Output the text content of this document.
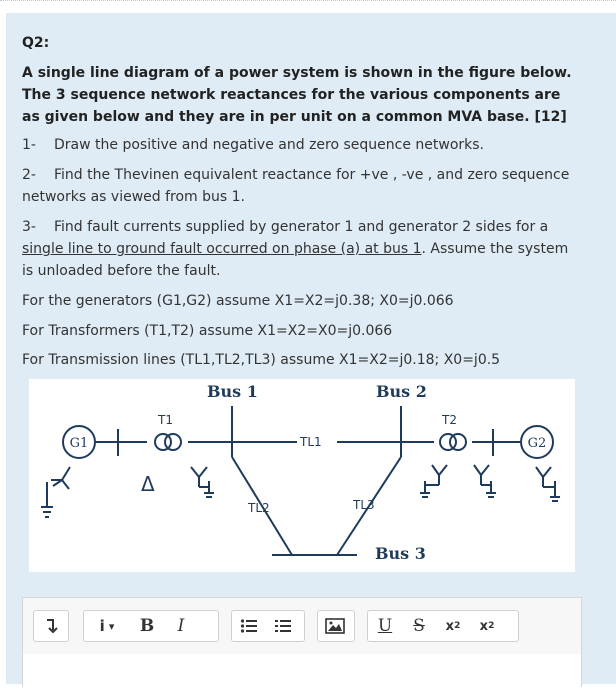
Q2:
A single line diagram of a power system is shown in the figure below. The 3 sequence network reactances for the various components are as given below and they are in per unit on a common MVA base. [12]
1- Draw the positive and negative and zero sequence networks.
2- Find the Thevinen equivalent reactance for +ve , -ve , and zero sequence networks as viewed from bus 1.
3- Find fault currents supplied by generator 1 and generator 2 sides for a single line to ground fault occurred on phase (a) at bus 1. Assume the system is unloaded before the fault.
For the generators (G1,G2) assume X1=X2=j0.38; X0=j0.066
For Transformers (T1,T2) assume X1=X2=X0=j0.066
For Transmission lines (TL1,TL2,TL3) assume X1=X2=j0.18; X0=j0.5
Bus 1	Bus 2
Bus 3
G1	G2
T1	T2
TL1
TL2	TL3
Δ
i ▾	B	I	U	S	x 2 x 2
